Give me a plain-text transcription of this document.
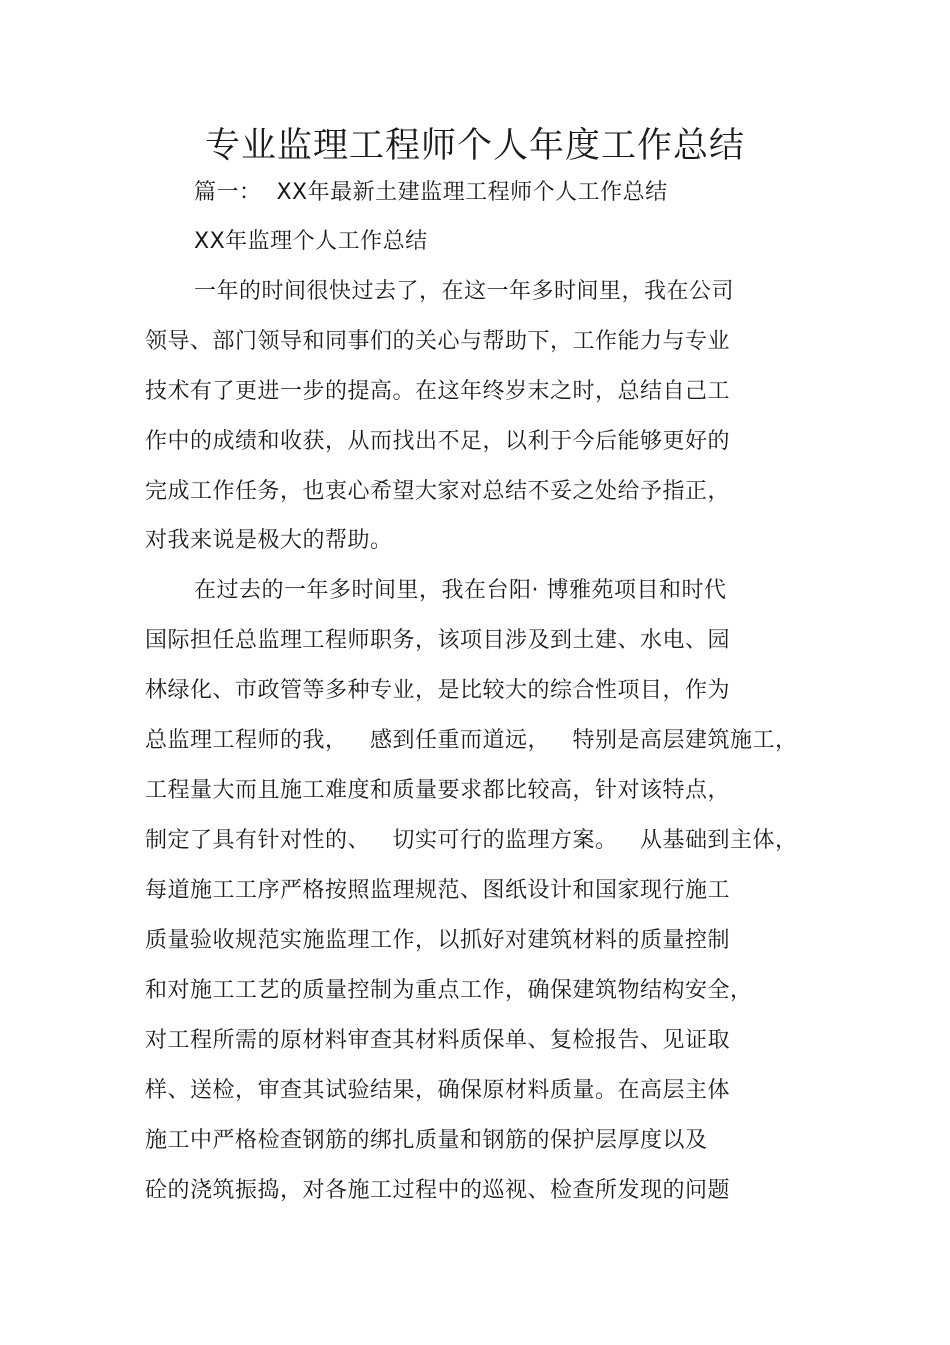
专业监理工程师个人年度工作总结
篇一：  XX年最新土建监理工程师个人工作总结
XX年监理个人工作总结
一年的时间很快过去了，在这一年多时间里，我在公司
领导、部门领导和同事们的关心与帮助下，工作能力与专业
技术有了更进一步的提高。在这年终岁末之时，总结自己工
作中的成绩和收获，从而找出不足，以利于今后能够更好的
完成工作任务，也衷心希望大家对总结不妥之处给予指正，
对我来说是极大的帮助。
在过去的一年多时间里，我在台阳· 博雅苑项目和时代
国际担任总监理工程师职务，该项目涉及到土建、水电、园
林绿化、市政管等多种专业，是比较大的综合性项目，作为
总监理工程师的我，   感到任重而道远，   特别是高层建筑施工，
工程量大而且施工难度和质量要求都比较高，针对该特点，
制定了具有针对性的、   切实可行的监理方案。   从基础到主体，
每道施工工序严格按照监理规范、图纸设计和国家现行施工
质量验收规范实施监理工作，以抓好对建筑材料的质量控制
和对施工工艺的质量控制为重点工作，确保建筑物结构安全，
对工程所需的原材料审查其材料质保单、复检报告、见证取
样、送检，审查其试验结果，确保原材料质量。在高层主体
施工中严格检查钢筋的绑扎质量和钢筋的保护层厚度以及
砼的浇筑振捣，对各施工过程中的巡视、检查所发现的问题
